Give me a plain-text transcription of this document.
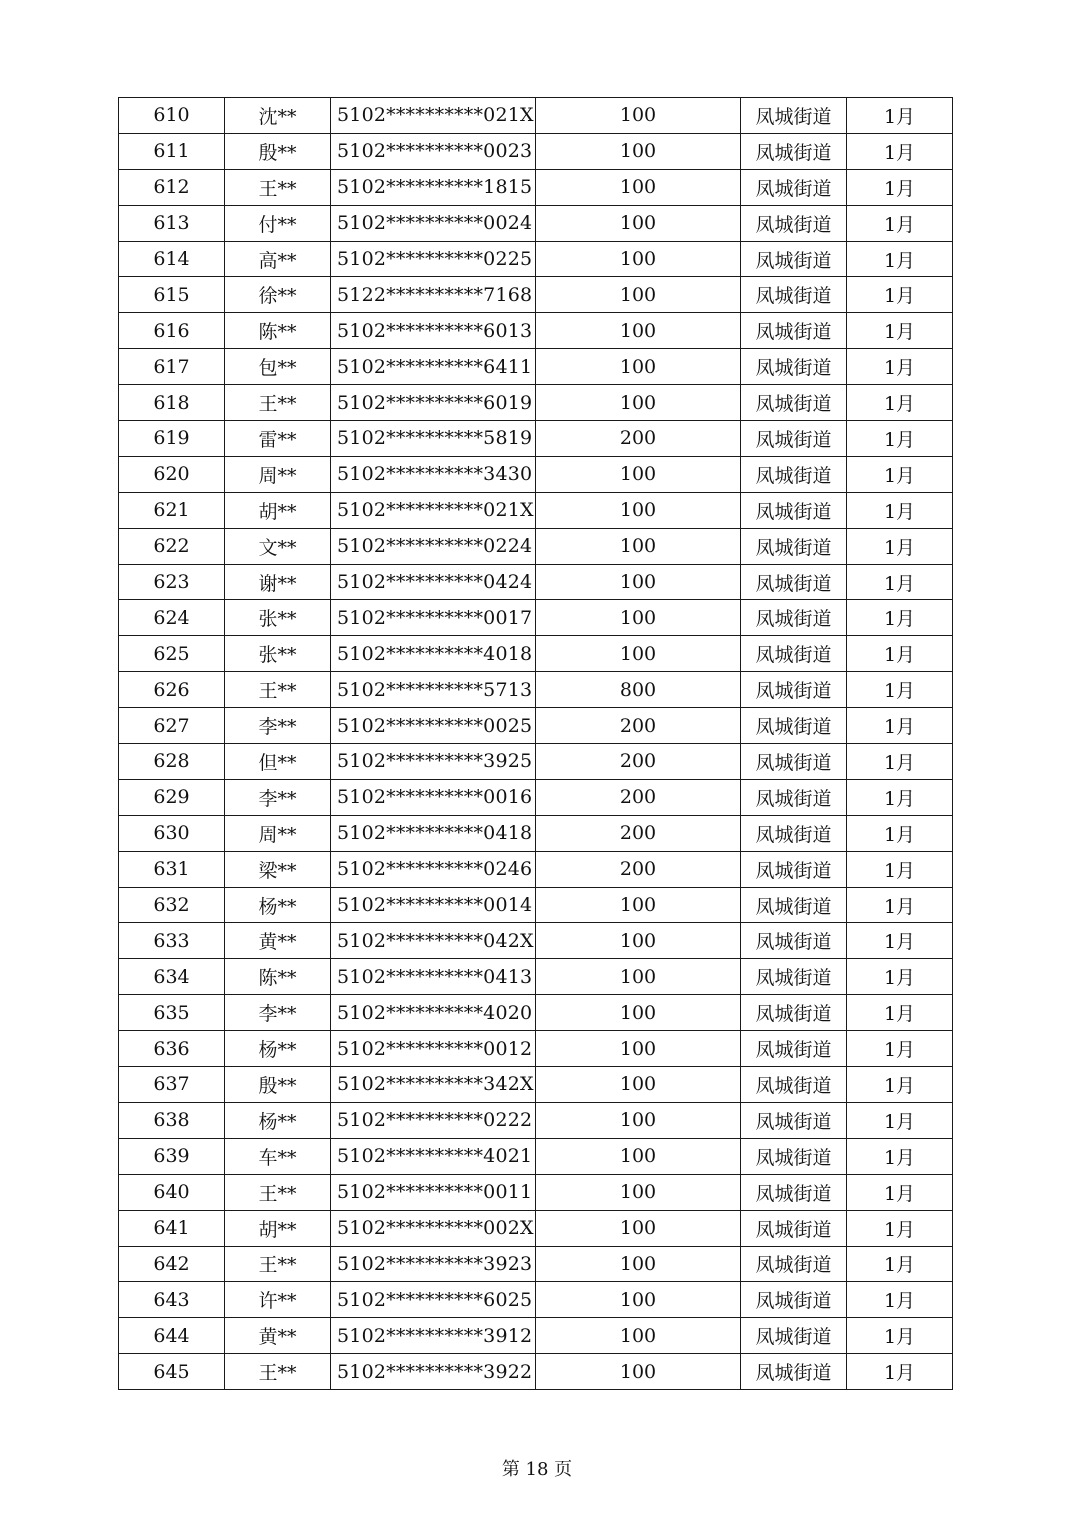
610	沈**	5102**********021X	100	凤城街道	1月
611	殷**	5102**********0023	100	凤城街道	1月
612	王**	5102**********1815	100	凤城街道	1月
613	付**	5102**********0024	100	凤城街道	1月
614	高**	5102**********0225	100	凤城街道	1月
615	徐**	5122**********7168	100	凤城街道	1月
616	陈**	5102**********6013	100	凤城街道	1月
617	包**	5102**********6411	100	凤城街道	1月
618	王**	5102**********6019	100	凤城街道	1月
619	雷**	5102**********5819	200	凤城街道	1月
620	周**	5102**********3430	100	凤城街道	1月
621	胡**	5102**********021X	100	凤城街道	1月
622	文**	5102**********0224	100	凤城街道	1月
623	谢**	5102**********0424	100	凤城街道	1月
624	张**	5102**********0017	100	凤城街道	1月
625	张**	5102**********4018	100	凤城街道	1月
626	王**	5102**********5713	800	凤城街道	1月
627	李**	5102**********0025	200	凤城街道	1月
628	但**	5102**********3925	200	凤城街道	1月
629	李**	5102**********0016	200	凤城街道	1月
630	周**	5102**********0418	200	凤城街道	1月
631	梁**	5102**********0246	200	凤城街道	1月
632	杨**	5102**********0014	100	凤城街道	1月
633	黄**	5102**********042X	100	凤城街道	1月
634	陈**	5102**********0413	100	凤城街道	1月
635	李**	5102**********4020	100	凤城街道	1月
636	杨**	5102**********0012	100	凤城街道	1月
637	殷**	5102**********342X	100	凤城街道	1月
638	杨**	5102**********0222	100	凤城街道	1月
639	车**	5102**********4021	100	凤城街道	1月
640	王**	5102**********0011	100	凤城街道	1月
641	胡**	5102**********002X	100	凤城街道	1月
642	王**	5102**********3923	100	凤城街道	1月
643	许**	5102**********6025	100	凤城街道	1月
644	黄**	5102**********3912	100	凤城街道	1月
645	王**	5102**********3922	100	凤城街道	1月
第 18 页
